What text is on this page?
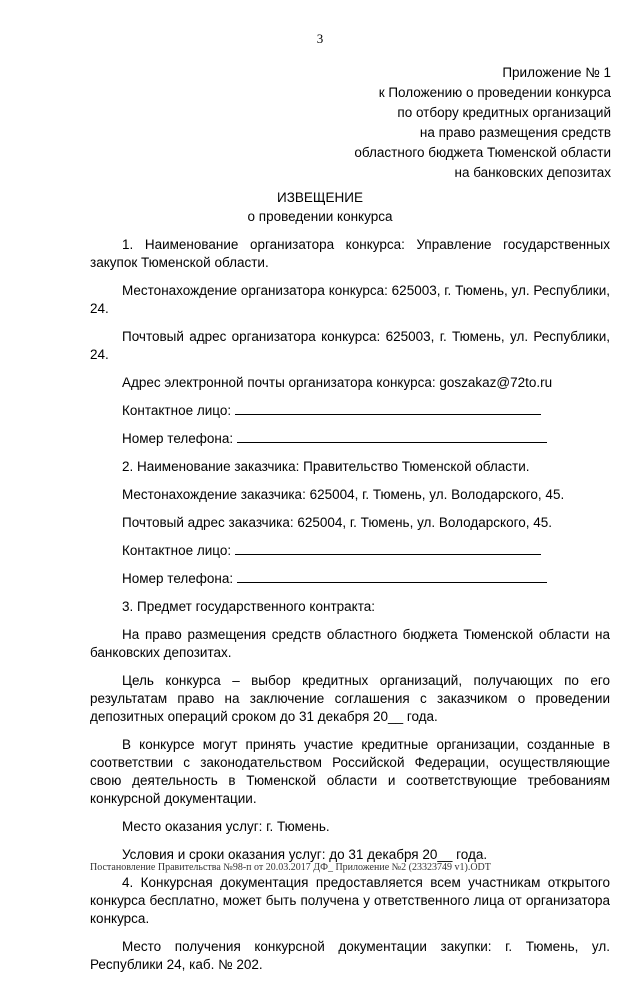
3
Приложение № 1
к Положению о проведении конкурса
по отбору кредитных организаций
на право размещения средств
областного бюджета Тюменской области
на банковских депозитах
ИЗВЕЩЕНИЕ
о проведении конкурса

1. Наименование организатора конкурса: Управление государственных закупок Тюменской области.

Местонахождение организатора конкурса: 625003, г. Тюмень, ул. Республики, 24.

Почтовый адрес организатора конкурса: 625003, г. Тюмень, ул. Республики, 24.

Адрес электронной почты организатора конкурса: goszakaz@72to.ru

Контактное лицо:

Номер телефона:

2. Наименование заказчика: Правительство Тюменской области.

Местонахождение заказчика: 625004, г. Тюмень, ул. Володарского, 45.

Почтовый адрес заказчика: 625004, г. Тюмень, ул. Володарского, 45.

Контактное лицо:

Номер телефона:

3. Предмет государственного контракта:

На право размещения средств областного бюджета Тюменской области на банковских депозитах.

Цель конкурса – выбор кредитных организаций, получающих по его результатам право на заключение соглашения с заказчиком о проведении депозитных операций сроком до 31 декабря 20__ года.

В конкурсе могут принять участие кредитные организации, созданные в соответствии с законодательством Российской Федерации, осуществляющие свою деятельность в Тюменской области и соответствующие требованиям конкурсной документации.

Место оказания услуг: г. Тюмень.

Условия и сроки оказания услуг: до 31 декабря 20__ года.

4. Конкурсная документация предоставляется всем участникам открытого конкурса бесплатно, может быть получена у ответственного лица от организатора конкурса.

Место получения конкурсной документации закупки: г. Тюмень, ул. Республики 24, каб. № 202.

Постановление Правительства №98-п от 20.03.2017 ДФ_ Приложение №2 (23323749 v1).ODT
